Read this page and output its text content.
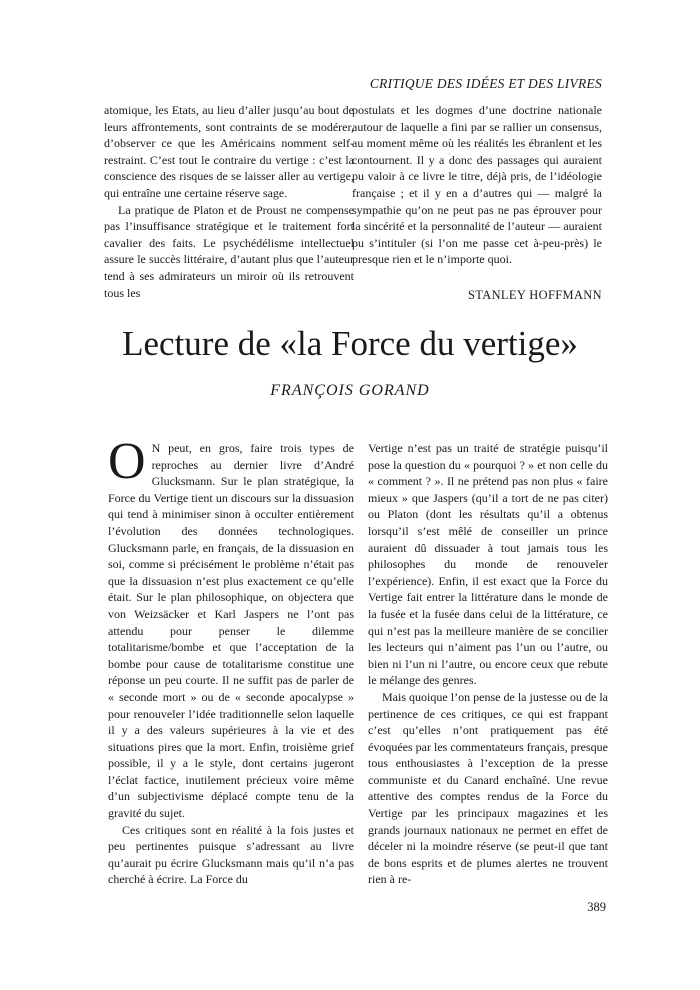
CRITIQUE DES IDÉES ET DES LIVRES

atomique, les Etats, au lieu d’aller jusqu’au bout de leurs affrontements, sont contraints de se modérer, d’observer ce que les Américains nomment self-restraint. C’est tout le contraire du vertige : c’est la conscience des risques de se laisser aller au vertige, qui entraîne une certaine réserve sage.

La pratique de Platon et de Proust ne compense pas l’insuffisance stratégique et le traitement fort cavalier des faits. Le psychédélisme intellectuel assure le succès littéraire, d’autant plus que l’auteur tend à ses admirateurs un miroir où ils retrouvent tous les

postulats et les dogmes d’une doctrine nationale autour de laquelle a fini par se rallier un consensus, au moment même où les réalités les ébranlent et les contournent. Il y a donc des passages qui auraient pu valoir à ce livre le titre, déjà pris, de l’idéologie française ; et il y en a d’autres qui — malgré la sympathie qu’on ne peut pas ne pas éprouver pour la sincérité et la personnalité de l’auteur — auraient pu s’intituler (si l’on me passe cet à-peu-près) le presque rien et le n’importe quoi.

STANLEY HOFFMANN
Lecture de «la Force du vertige»
FRANÇOIS GORAND

O N peut, en gros, faire trois types de reproches au dernier livre d’André Glucksmann. Sur le plan stratégique, la Force du Vertige tient un discours sur la dissuasion qui tend à minimiser sinon à occulter entièrement l’évolution des données technologiques. Glucksmann parle, en français, de la dissuasion en soi, comme si précisément le problème n’était pas que la dissuasion n’est plus exactement ce qu’elle était. Sur le plan philosophique, on objectera que von Weizsäcker et Karl Jaspers ne l’ont pas attendu pour penser le dilemme totalitarisme/bombe et que l’acceptation de la bombe pour cause de totalitarisme constitue une réponse un peu courte. Il ne suffit pas de parler de « seconde mort » ou de « seconde apocalypse » pour renouveler l’idée traditionnelle selon laquelle il y a des valeurs supérieures à la vie et des situations pires que la mort. Enfin, troisième grief possible, il y a le style, dont certains jugeront l’éclat factice, inutilement précieux voire même d’un subjectivisme déplacé compte tenu de la gravité du sujet.

Ces critiques sont en réalité à la fois justes et peu pertinentes puisque s’adressant au livre qu’aurait pu écrire Glucksmann mais qu’il n’a pas cherché à écrire. La Force du

Vertige n’est pas un traité de stratégie puisqu’il pose la question du « pourquoi ? » et non celle du « comment ? ». Il ne prétend pas non plus « faire mieux » que Jaspers (qu’il a tort de ne pas citer) ou Platon (dont les résultats qu’il a obtenus lorsqu’il s’est mêlé de conseiller un prince auraient dû dissuader à tout jamais tous les philosophes du monde de renouveler l’expérience). Enfin, il est exact que la Force du Vertige fait entrer la littérature dans le monde de la fusée et la fusée dans celui de la littérature, ce qui n’est pas la meilleure manière de se concilier les lecteurs qui n’aiment pas l’un ou l’autre, ou bien ni l’un ni l’autre, ou encore ceux que rebute le mélange des genres.

Mais quoique l’on pense de la justesse ou de la pertinence de ces critiques, ce qui est frappant c’est qu’elles n’ont pratiquement pas été évoquées par les commentateurs français, presque tous enthousiastes à l’exception de la presse communiste et du Canard enchaîné. Une revue attentive des comptes rendus de la Force du Vertige par les principaux magazines et les grands journaux nationaux ne permet en effet de déceler ni la moindre réserve (se peut-il que tant de bons esprits et de plumes alertes ne trouvent rien à re-

389
